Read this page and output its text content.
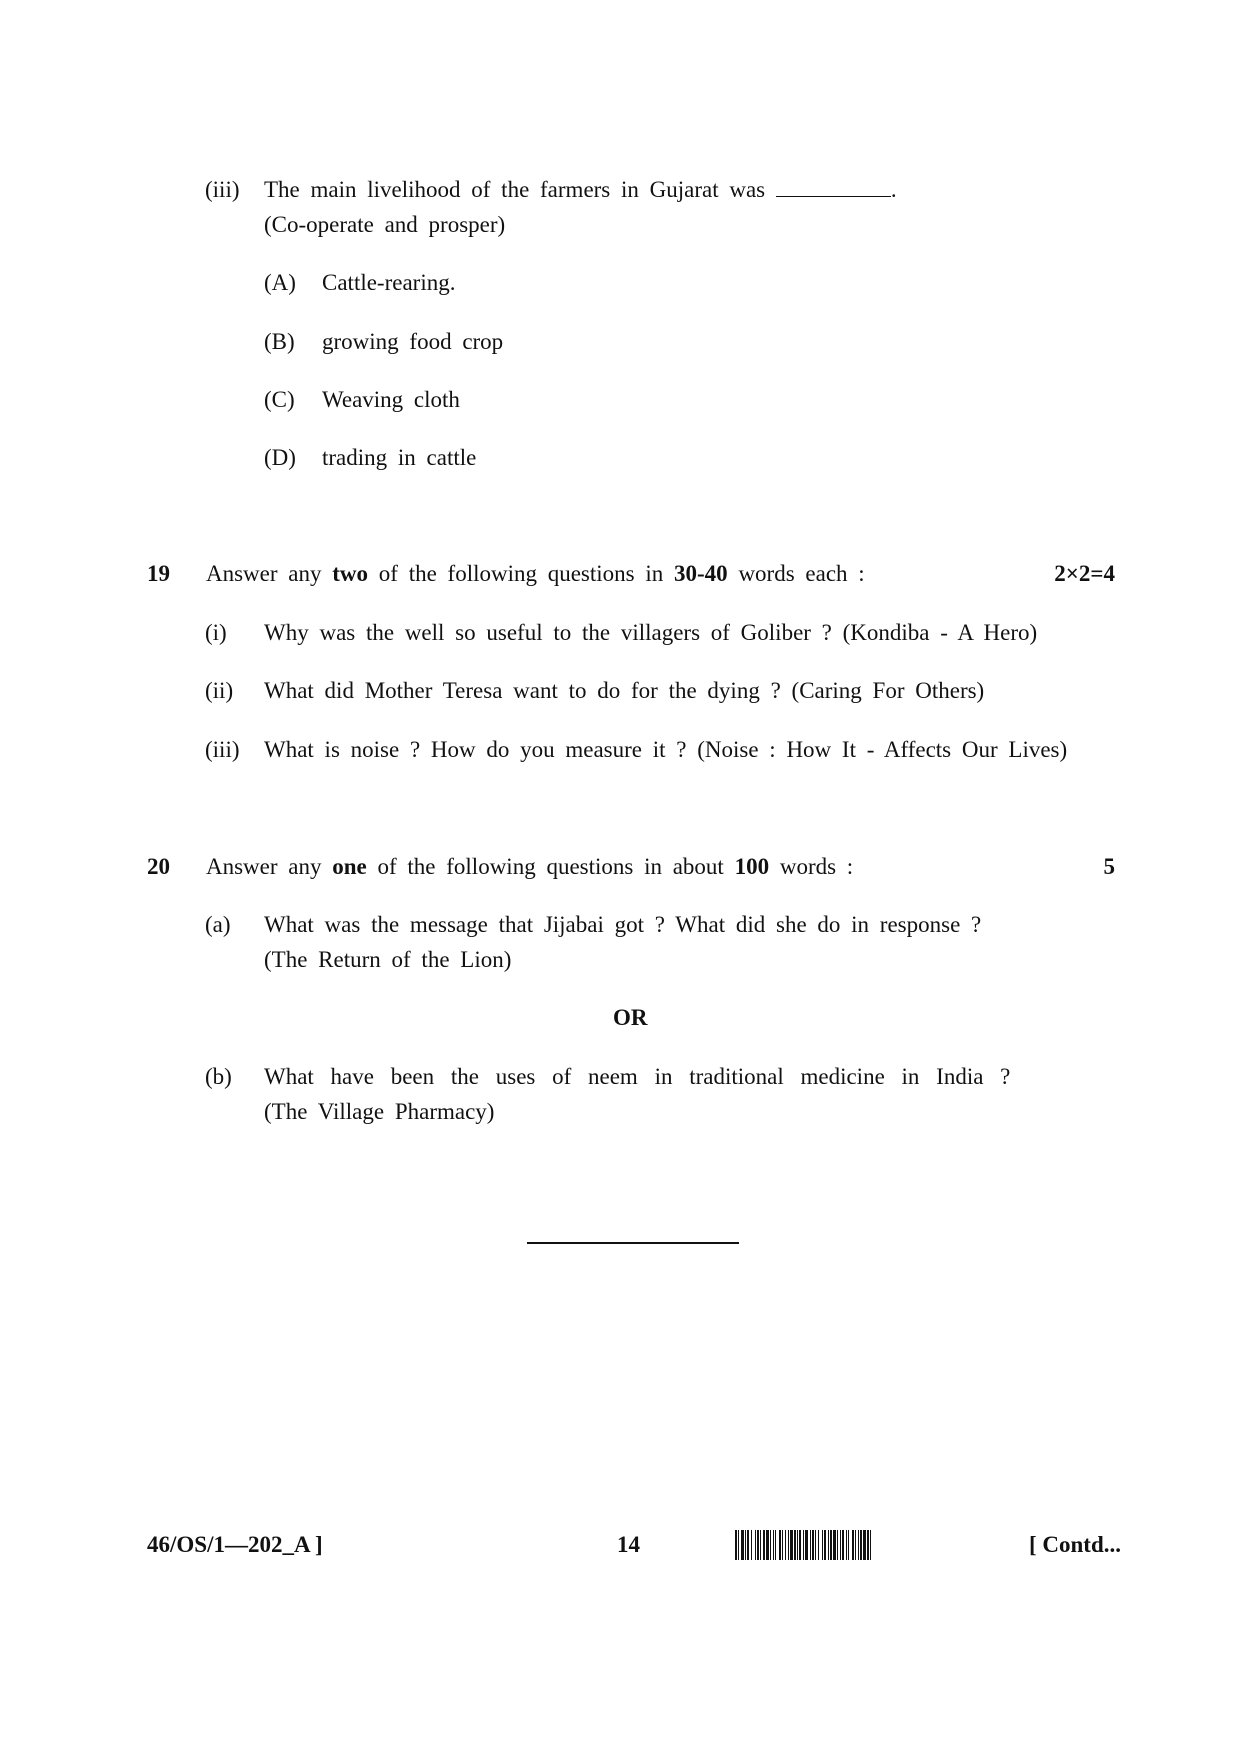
(iii) The main livelihood of the farmers in Gujarat was	.
(Co-operate and prosper)
(A) Cattle-rearing.
(B) growing food crop
(C) Weaving cloth
(D) trading in cattle
19 Answer any two of the following questions in 30-40 words each :	2×2=4
(i) Why was the well so useful to the villagers of Goliber ? (Kondiba - A Hero)
(ii) What did Mother Teresa want to do for the dying ? (Caring For Others)
(iii) What is noise ? How do you measure it ? (Noise : How It - Affects Our Lives)
20 Answer any one of the following questions in about 100 words :	5
(a) What was the message that Jijabai got ? What did she do in response ?
(The Return of the Lion)
OR
(b) What have been the uses of neem in traditional medicine in India ?
(The Village Pharmacy)
46/OS/1—202_A ]	14	[ Contd...
